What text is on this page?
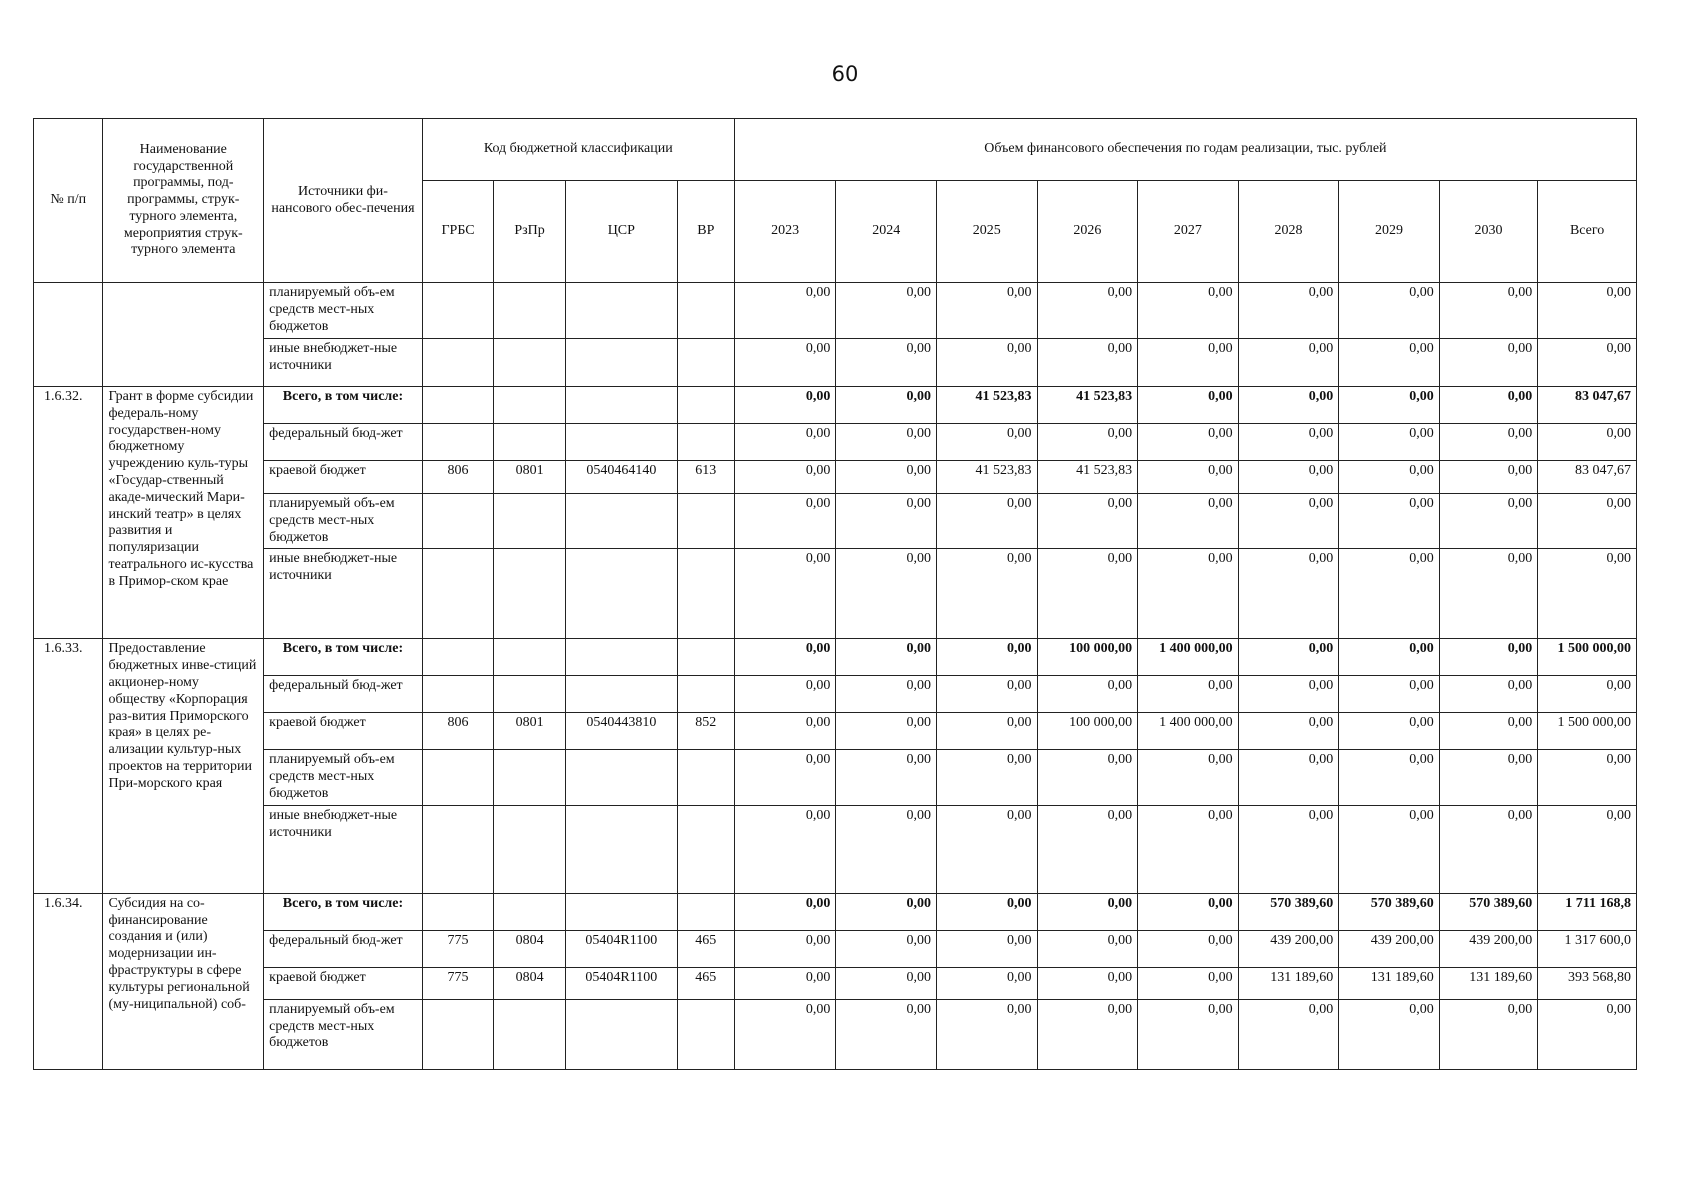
60
№ п/п	Наименование государственной программы, под-программы, струк-турного элемента, мероприятия струк-турного элемента	Источники фи-нансового обес-печения	Код бюджетной классификации				Объем финансового обеспечения по годам реализации, тыс. рублей								
			ГРБС	РзПр	ЦСР	ВР	2023	2024	2025	2026	2027	2028	2029	2030	Всего
		планируемый объ-ем средств мест-ных бюджетов					0,00	0,00	0,00	0,00	0,00	0,00	0,00	0,00	0,00
		иные внебюджет-ные источники					0,00	0,00	0,00	0,00	0,00	0,00	0,00	0,00	0,00
1.6.32.	Грант в форме субсидии федераль-ному государствен-ному бюджетному учреждению куль-туры «Государ-ственный акаде-мический Мари-инский театр» в целях развития и популяризации театрального ис-кусства в Примор-ском крае	Всего, в том числе:					0,00	0,00	41 523,83	41 523,83	0,00	0,00	0,00	0,00	83 047,67
		федеральный бюд-жет					0,00	0,00	0,00	0,00	0,00	0,00	0,00	0,00	0,00
		краевой бюджет	806	0801	0540464140	613	0,00	0,00	41 523,83	41 523,83	0,00	0,00	0,00	0,00	83 047,67
		планируемый объ-ем средств мест-ных бюджетов					0,00	0,00	0,00	0,00	0,00	0,00	0,00	0,00	0,00
		иные внебюджет-ные источники					0,00	0,00	0,00	0,00	0,00	0,00	0,00	0,00	0,00
1.6.33.	Предоставление бюджетных инве-стиций акционер-ному обществу «Корпорация раз-вития Приморского края» в целях ре-ализации культур-ных проектов на территории При-морского края	Всего, в том числе:					0,00	0,00	0,00	100 000,00	1 400 000,00	0,00	0,00	0,00	1 500 000,00
		федеральный бюд-жет					0,00	0,00	0,00	0,00	0,00	0,00	0,00	0,00	0,00
		краевой бюджет	806	0801	0540443810	852	0,00	0,00	0,00	100 000,00	1 400 000,00	0,00	0,00	0,00	1 500 000,00
		планируемый объ-ем средств мест-ных бюджетов					0,00	0,00	0,00	0,00	0,00	0,00	0,00	0,00	0,00
		иные внебюджет-ные источники					0,00	0,00	0,00	0,00	0,00	0,00	0,00	0,00	0,00
1.6.34.	Субсидия на со-финансирование создания и (или) модернизации ин-фраструктуры в сфере культуры региональной (му-ниципальной) соб-	Всего, в том числе:					0,00	0,00	0,00	0,00	0,00	570 389,60	570 389,60	570 389,60	1 711 168,8
		федеральный бюд-жет	775	0804	05404R1100	465	0,00	0,00	0,00	0,00	0,00	439 200,00	439 200,00	439 200,00	1 317 600,0
		краевой бюджет	775	0804	05404R1100	465	0,00	0,00	0,00	0,00	0,00	131 189,60	131 189,60	131 189,60	393 568,80
		планируемый объ-ем средств мест-ных бюджетов					0,00	0,00	0,00	0,00	0,00	0,00	0,00	0,00	0,00
